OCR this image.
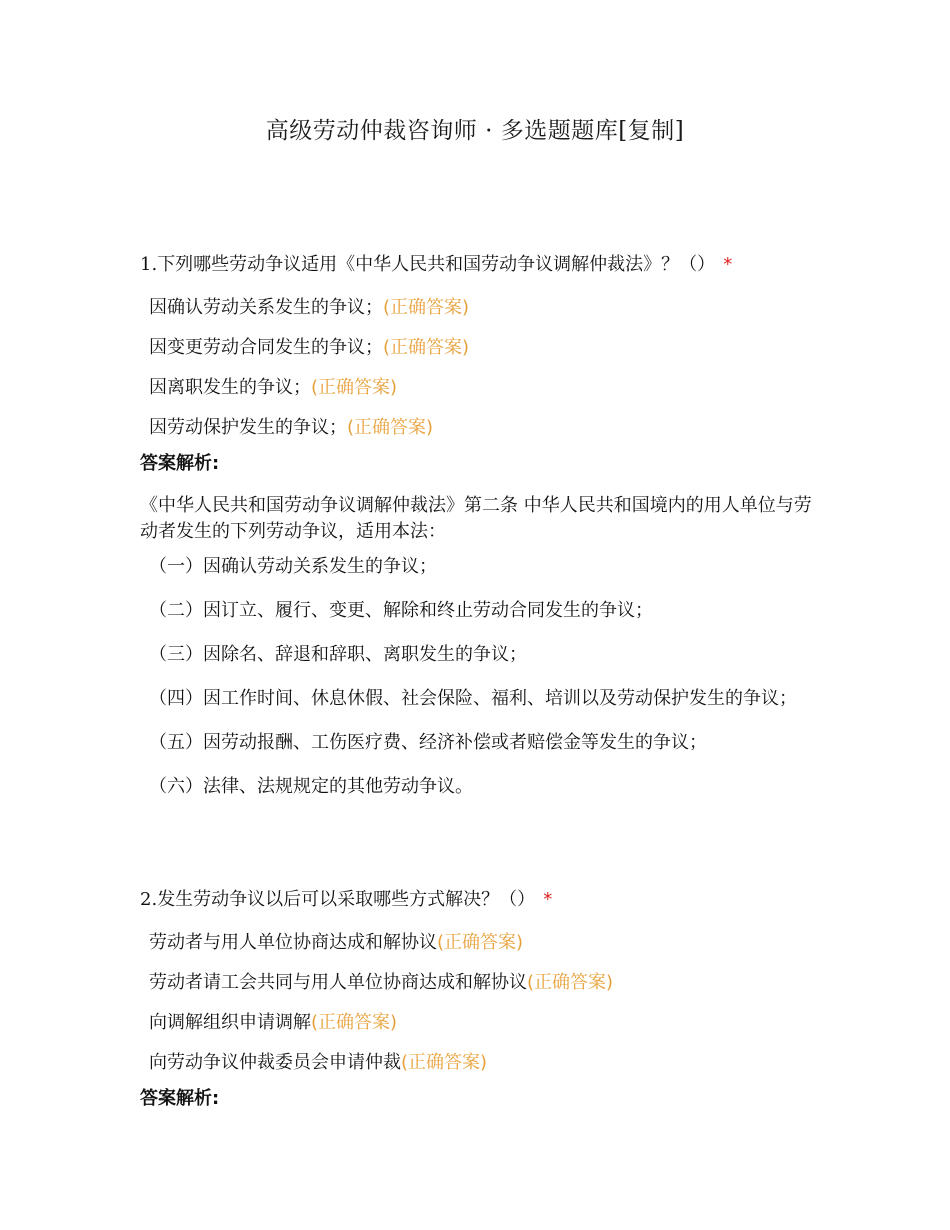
高级劳动仲裁咨询师 · 多选题题库[复制]

1.下列哪些劳动争议适用《中华人民共和国劳动争议调解仲裁法》？（） *

因确认劳动关系发生的争议；(正确答案)
因变更劳动合同发生的争议；(正确答案)
因离职发生的争议；(正确答案)
因劳动保护发生的争议；(正确答案)
答案解析:

《中华人民共和国劳动争议调解仲裁法》第二条 中华人民共和国境内的用人单位与劳动者发生的下列劳动争议，适用本法：

（一）因确认劳动关系发生的争议；

（二）因订立、履行、变更、解除和终止劳动合同发生的争议；

（三）因除名、辞退和辞职、离职发生的争议；

（四）因工作时间、休息休假、社会保险、福利、培训以及劳动保护发生的争议；

（五）因劳动报酬、工伤医疗费、经济补偿或者赔偿金等发生的争议；

（六）法律、法规规定的其他劳动争议。

2.发生劳动争议以后可以采取哪些方式解决？（） *

劳动者与用人单位协商达成和解协议(正确答案)
劳动者请工会共同与用人单位协商达成和解协议(正确答案)
向调解组织申请调解(正确答案)
向劳动争议仲裁委员会申请仲裁(正确答案)
答案解析:
